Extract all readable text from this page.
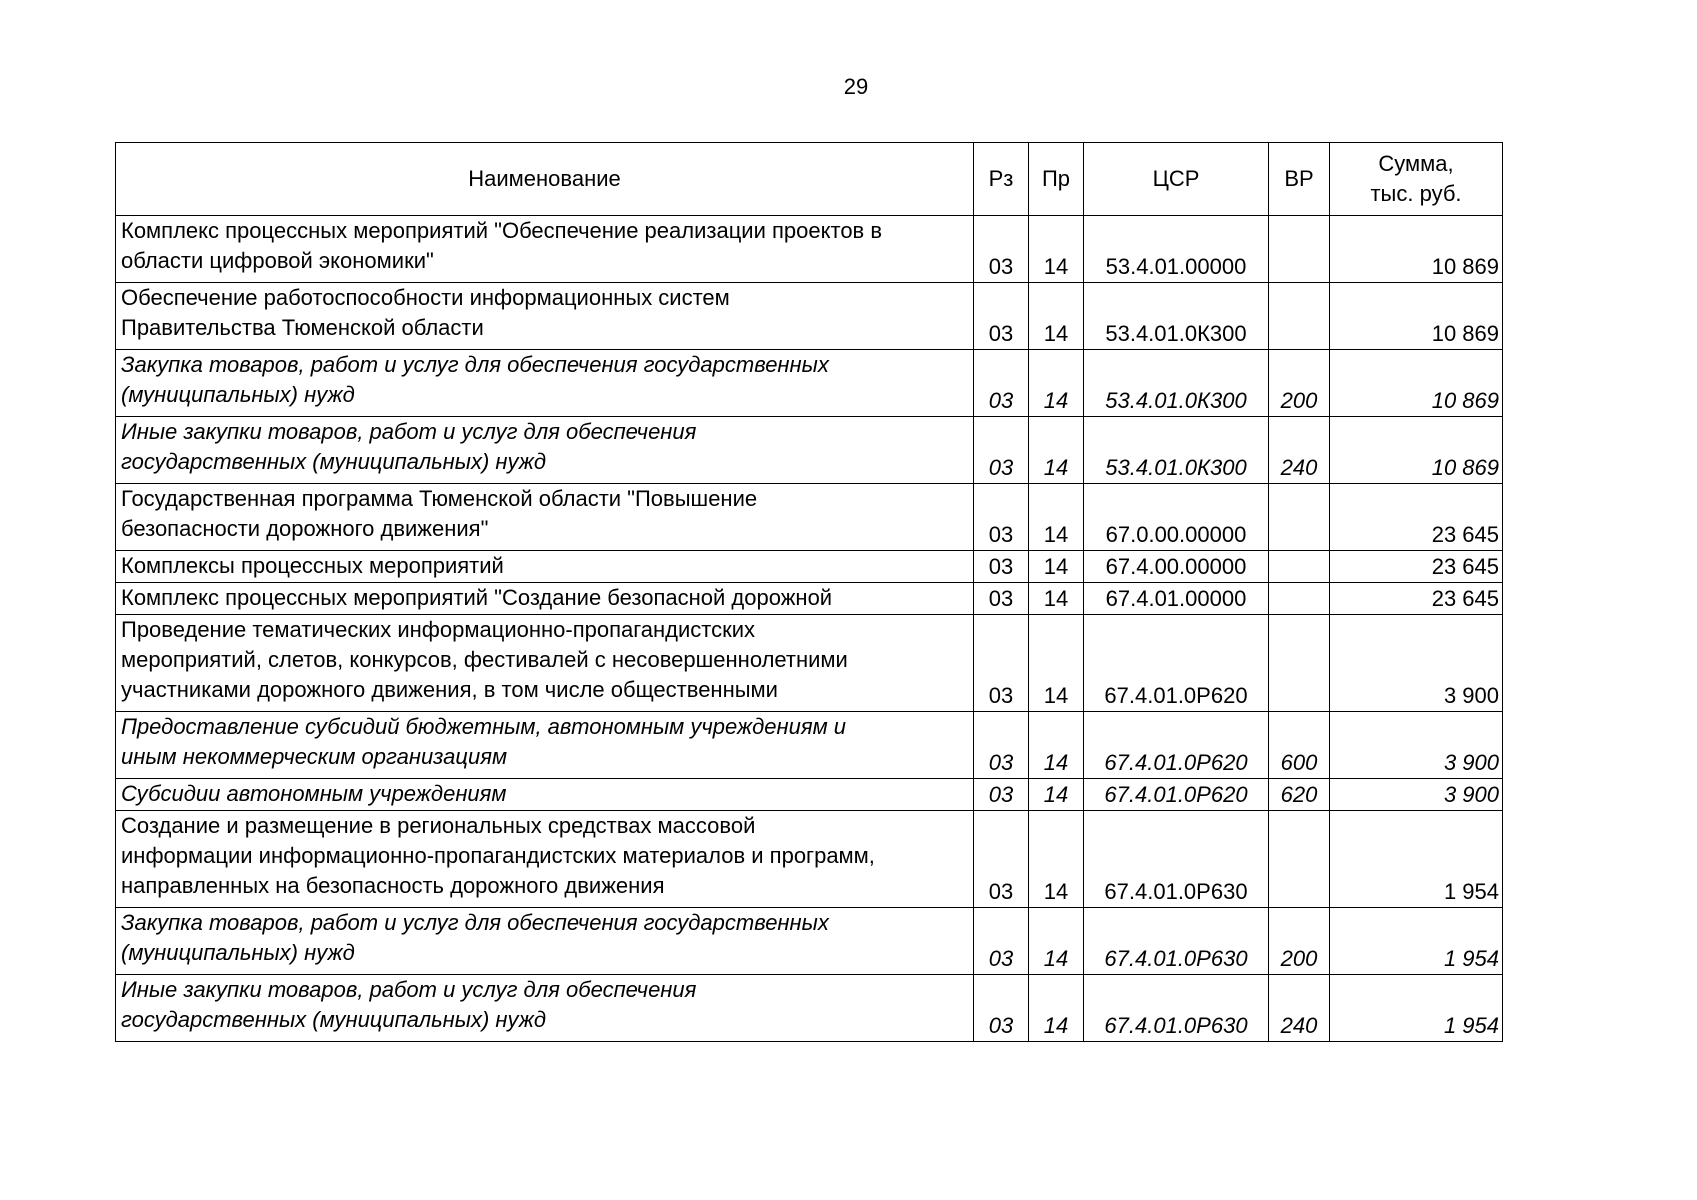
29
Наименование	Рз	Пр	ЦСР	ВР	Сумма,
тыс. руб.
Комплекс процессных мероприятий "Обеспечение реализации проектов в
области цифровой экономики"	03	14	53.4.01.00000		10 869
Обеспечение работоспособности информационных систем
Правительства Тюменской области	03	14	53.4.01.0К300		10 869
Закупка товаров, работ и услуг для обеспечения государственных
(муниципальных) нужд	03	14	53.4.01.0К300	200	10 869
Иные закупки товаров, работ и услуг для обеспечения
государственных (муниципальных) нужд	03	14	53.4.01.0К300	240	10 869
Государственная программа Тюменской области "Повышение
безопасности дорожного движения"	03	14	67.0.00.00000		23 645
Комплексы процессных мероприятий	03	14	67.4.00.00000		23 645
Комплекс процессных мероприятий "Создание безопасной дорожной	03	14	67.4.01.00000		23 645
Проведение тематических информационно-пропагандистских
мероприятий, слетов, конкурсов, фестивалей с несовершеннолетними
участниками дорожного движения, в том числе общественными	03	14	67.4.01.0Р620		3 900
Предоставление субсидий бюджетным, автономным учреждениям и
иным некоммерческим организациям	03	14	67.4.01.0Р620	600	3 900
Субсидии автономным учреждениям	03	14	67.4.01.0Р620	620	3 900
Создание и размещение в региональных средствах массовой
информации информационно-пропагандистских материалов и программ,
направленных на безопасность дорожного движения	03	14	67.4.01.0Р630		1 954
Закупка товаров, работ и услуг для обеспечения государственных
(муниципальных) нужд	03	14	67.4.01.0Р630	200	1 954
Иные закупки товаров, работ и услуг для обеспечения
государственных (муниципальных) нужд	03	14	67.4.01.0Р630	240	1 954
